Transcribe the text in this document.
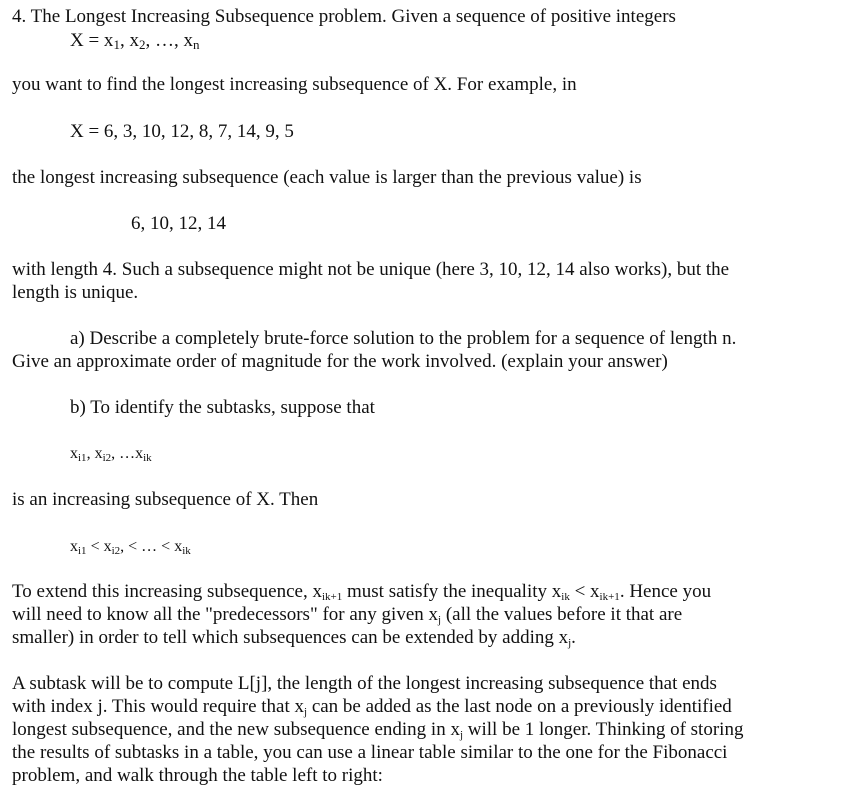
4. The Longest Increasing Subsequence problem. Given a sequence of positive integers
$X = x_1$, $x_2$, …, $x_n$
you want to find the longest increasing subsequence of X. For example, in
X = 6, 3, 10, 12, 8, 7, 14, 9, 5
the longest increasing subsequence (each value is larger than the previous value) is
6, 10, 12, 14
with length 4. Such a subsequence might not be unique (here 3, 10, 12, 14 also works), but the
length is unique.
a) Describe a completely brute-force solution to the problem for a sequence of length n.
Give an approximate order of magnitude for the work involved. (explain your answer)
b) To identify the subtasks, suppose that
xi1, xi2, …xik
is an increasing subsequence of X. Then
xi1 < xi2, < … < xik
To extend this increasing subsequence, xik+1 must satisfy the inequality xik < xik+1. Hence you
will need to know all the "predecessors" for any given xj (all the values before it that are
smaller) in order to tell which subsequences can be extended by adding xj.
A subtask will be to compute L[j], the length of the longest increasing subsequence that ends
with index j. This would require that xj can be added as the last node on a previously identified
longest subsequence, and the new subsequence ending in xj will be 1 longer. Thinking of storing
the results of subtasks in a table, you can use a linear table similar to the one for the Fibonacci
problem, and walk through the table left to right:
